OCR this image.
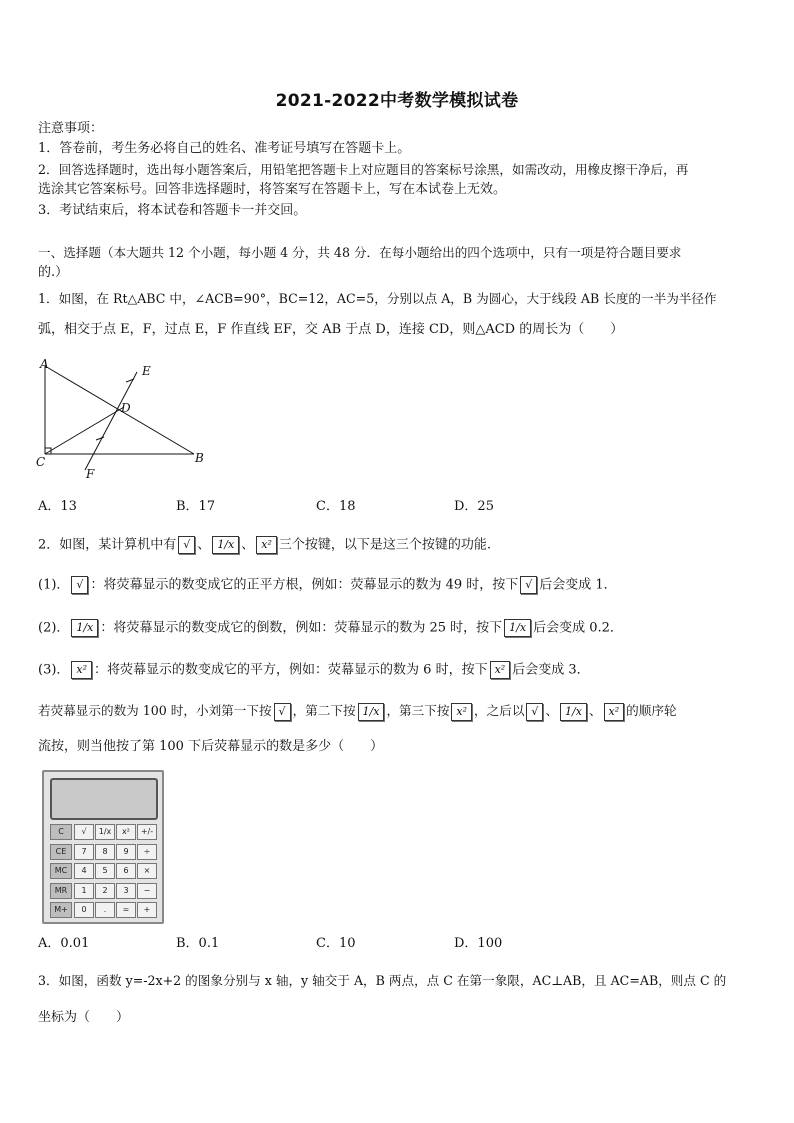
2021-2022中考数学模拟试卷
注意事项：
1．答卷前，考生务必将自己的姓名、准考证号填写在答题卡上。
2．回答选择题时，选出每小题答案后，用铅笔把答题卡上对应题目的答案标号涂黑，如需改动，用橡皮擦干净后，再
选涂其它答案标号。回答非选择题时，将答案写在答题卡上，写在本试卷上无效。
3．考试结束后，将本试卷和答题卡一并交回。
一、选择题（本大题共 12 个小题，每小题 4 分，共 48 分．在每小题给出的四个选项中，只有一项是符合题目要求
的.）
1．如图，在 Rt△ABC 中，∠ACB=90°，BC=12，AC=5，分别以点 A，B 为圆心，大于线段 AB 长度的一半为半径作
弧，相交于点 E，F，过点 E，F 作直线 EF，交 AB 于点 D，连接 CD，则△ACD 的周长为（　　）
A
C	B
D
E
F
A．13	B．17	C．18	D．25
2．如图，某计算机中有 √ 、 1/x 、 x² 三个按键，以下是这三个按键的功能.
(1)． √ ：将荧幕显示的数变成它的正平方根，例如：荧幕显示的数为 49 时，按下 √ 后会变成 1．
(2)． 1/x ：将荧幕显示的数变成它的倒数，例如：荧幕显示的数为 25 时，按下 1/x 后会变成 0.2．
(3)． x² ：将荧幕显示的数变成它的平方，例如：荧幕显示的数为 6 时，按下 x² 后会变成 3．
若荧幕显示的数为 100 时，小刘第一下按 √ ，第二下按 1/x ，第三下按 x² ，之后以 √ 、 1/x 、 x² 的顺序轮
流按，则当他按了第 100 下后荧幕显示的数是多少（　　）
C	√	1/x	x²	+/-
CE	7	8	9	÷
MC	4	5	6	×
MR	1	2	3	−
M+	0	.	=	+
A．0.01	B．0.1	C．10	D．100
3．如图，函数 y=-2x+2 的图象分别与 x 轴，y 轴交于 A，B 两点，点 C 在第一象限，AC⊥AB，且 AC=AB，则点 C 的
坐标为（　　）
